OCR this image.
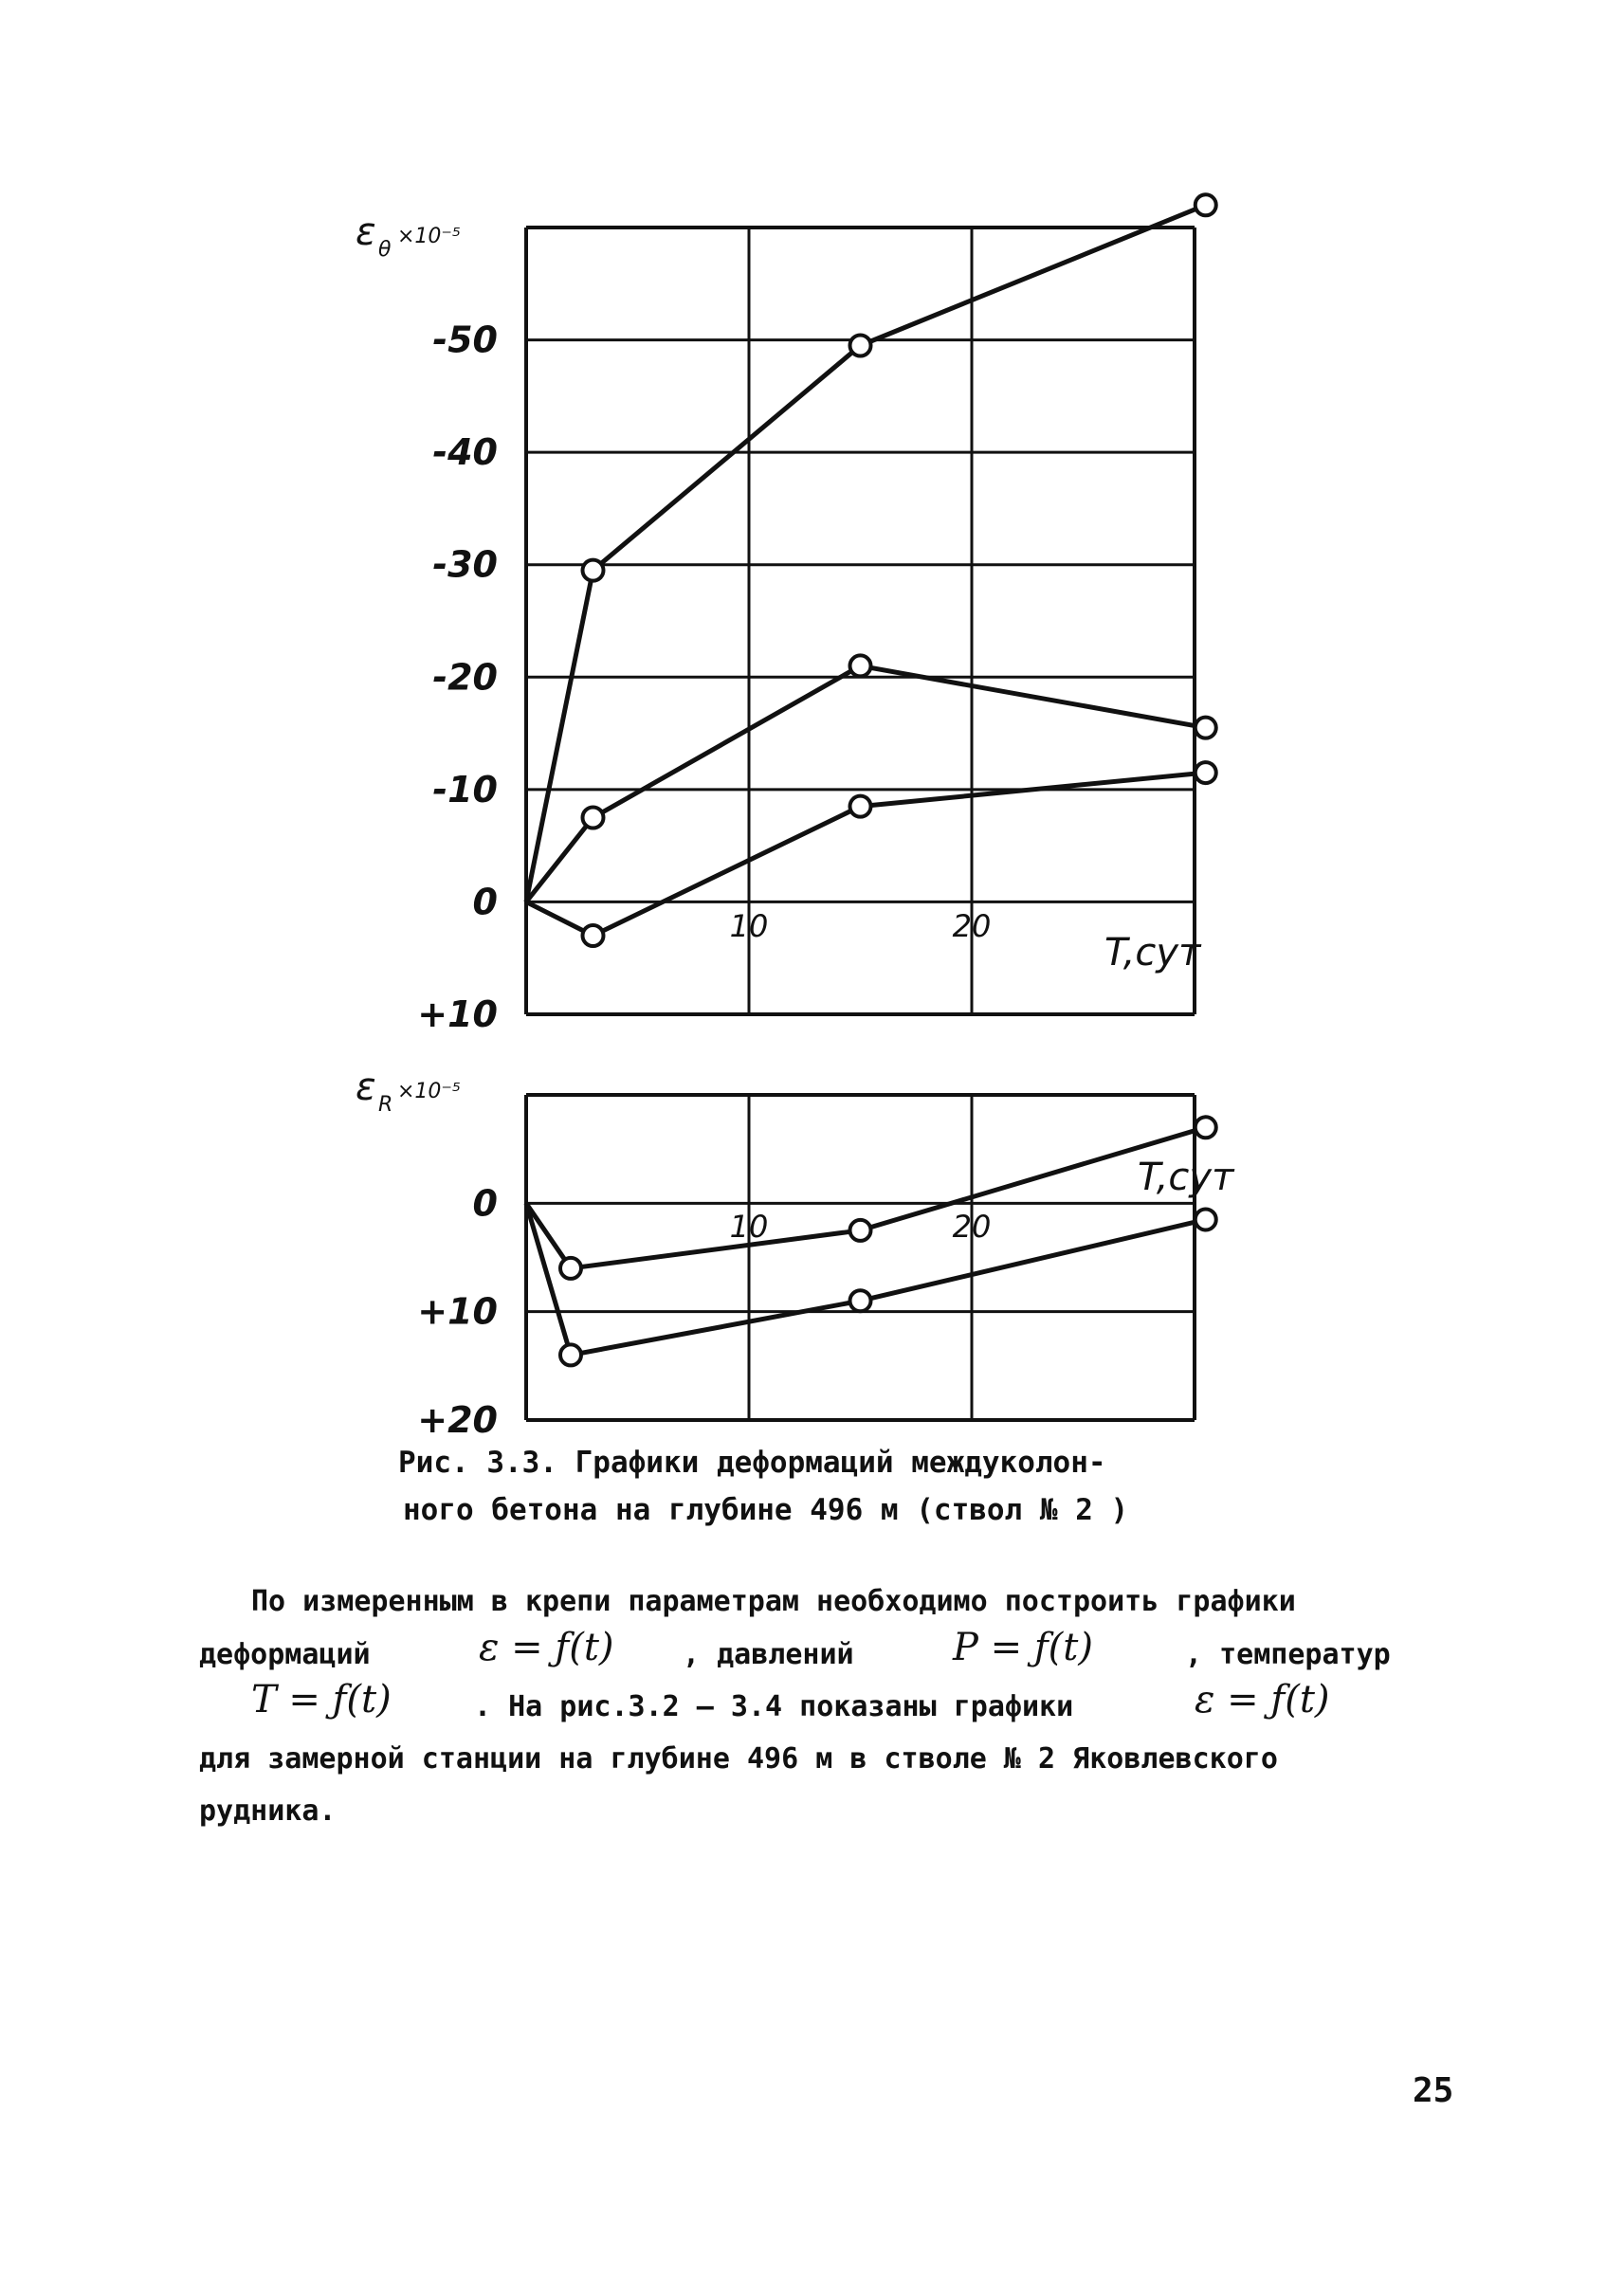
-50
-40
-30
-20
-10
0
+10
10	20
ε θ
×10⁻⁵
T,сут
0
+10
+20
10	20
ε R
×10⁻⁵
T,сут
Рис. 3.3. Графики деформаций междуколон-
ного бетона на глубине 496 м (ствол № 2 )
По измеренным в крепи параметрам необходимо построить графики
деформаций	ε = ƒ(t) , давлений	P = ƒ(t)	, температур
T = ƒ(t)	. На рис.3.2 – 3.4 показаны графики	ε = ƒ(t)
для замерной станции на глубине 496 м в стволе № 2 Яковлевского
рудника.
25
